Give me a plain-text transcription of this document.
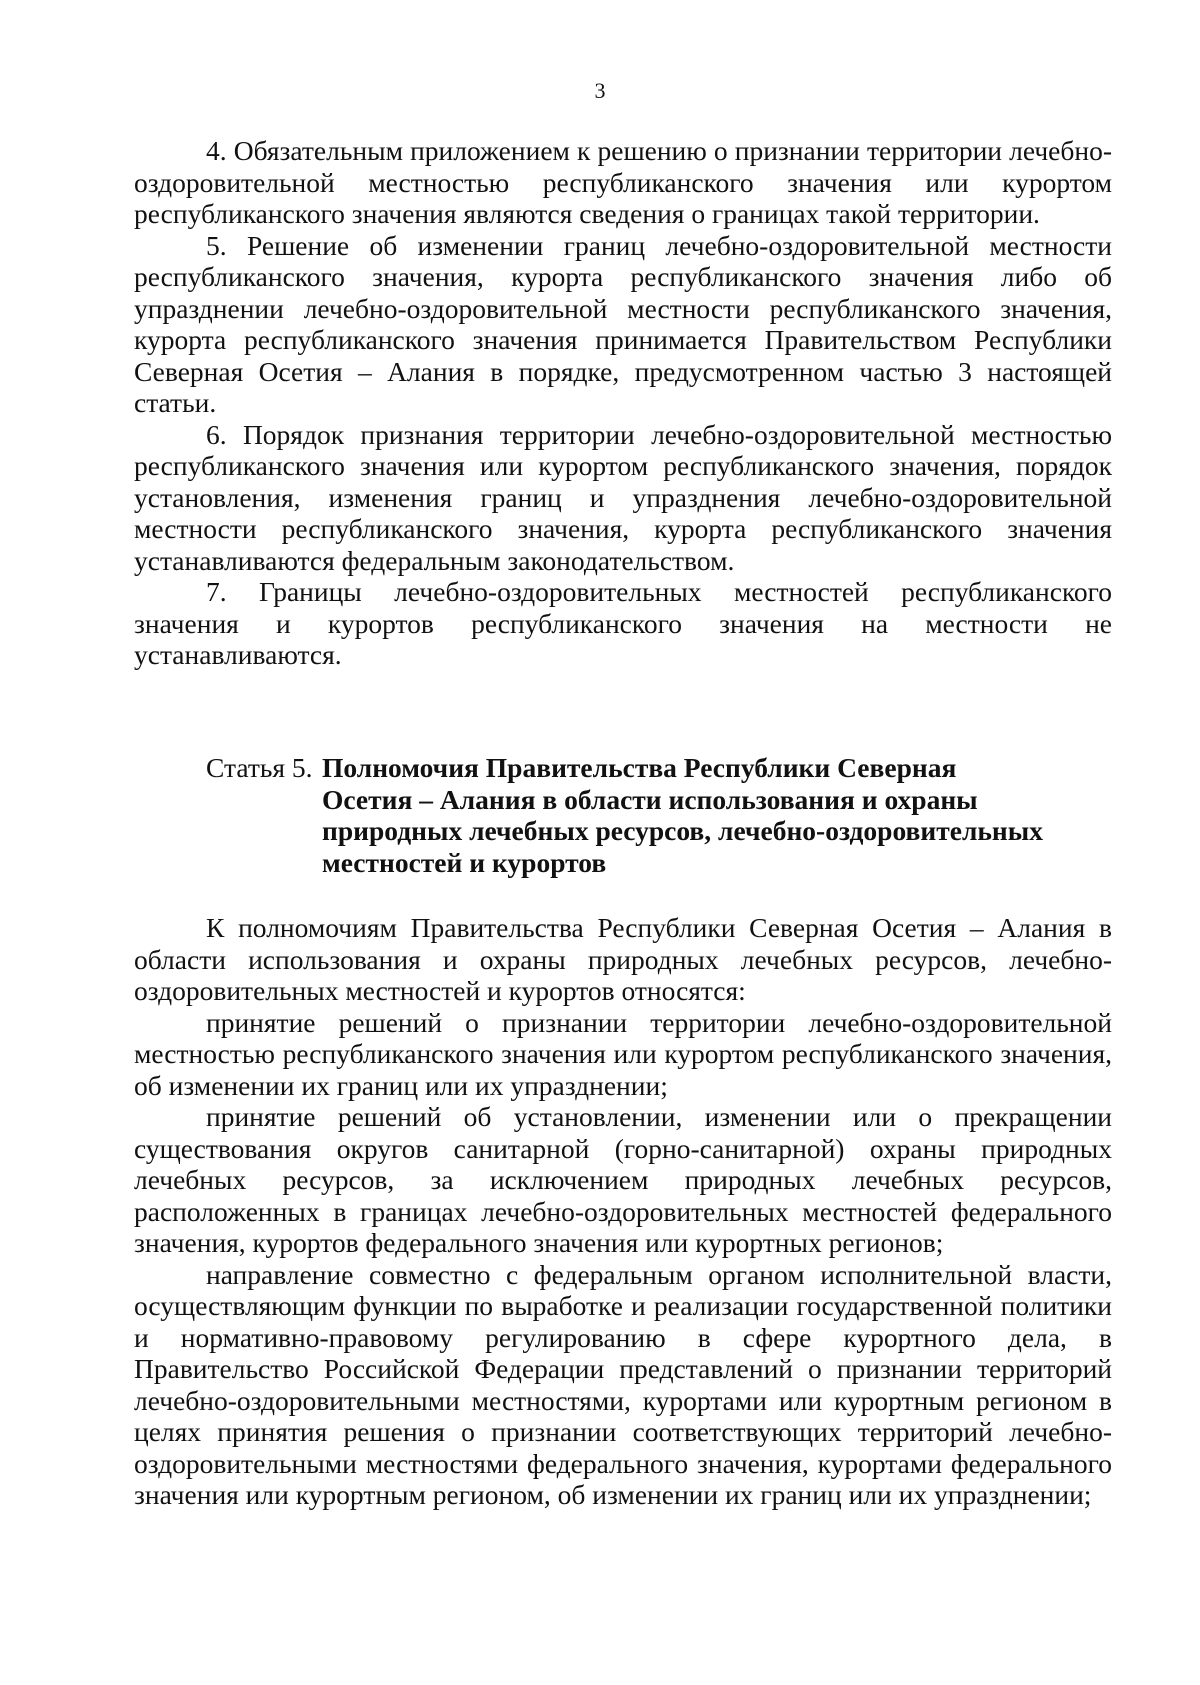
3

4. Обязательным приложением к решению о признании территории лечебно-оздоровительной местностью республиканского значения или курортом республиканского значения являются сведения о границах такой территории.

5. Решение об изменении границ лечебно-оздоровительной местности республиканского значения, курорта республиканского значения либо об упразднении лечебно-оздоровительной местности республиканского значения, курорта республиканского значения принимается Правительством Республики Северная Осетия – Алания в порядке, предусмотренном частью 3 настоящей статьи.

6. Порядок признания территории лечебно-оздоровительной местностью республиканского значения или курортом республиканского значения, порядок установления, изменения границ и упразднения лечебно-оздоровительной местности республиканского значения, курорта республиканского значения устанавливаются федеральным законодательством.

7. Границы лечебно-оздоровительных местностей республиканского значения и курортов республиканского значения на местности не устанавливаются.

Статья 5. Полномочия Правительства Республики Северная
Осетия – Алания в области использования и охраны
природных лечебных ресурсов, лечебно-оздоровительных
местностей и курортов

К полномочиям Правительства Республики Северная Осетия – Алания в области использования и охраны природных лечебных ресурсов, лечебно-оздоровительных местностей и курортов относятся:

принятие решений о признании территории лечебно-оздоровительной местностью республиканского значения или курортом республиканского значения, об изменении их границ или их упразднении;

принятие решений об установлении, изменении или о прекращении существования округов санитарной (горно-санитарной) охраны природных лечебных ресурсов, за исключением природных лечебных ресурсов, расположенных в границах лечебно-оздоровительных местностей федерального значения, курортов федерального значения или курортных регионов;

направление совместно с федеральным органом исполнительной власти, осуществляющим функции по выработке и реализации государственной политики и нормативно-правовому регулированию в сфере курортного дела, в Правительство Российской Федерации представлений о признании территорий лечебно-оздоровительными местностями, курортами или курортным регионом в целях принятия решения о признании соответствующих территорий лечебно-оздоровительными местностями федерального значения, курортами федерального значения или курортным регионом, об изменении их границ или их упразднении;
